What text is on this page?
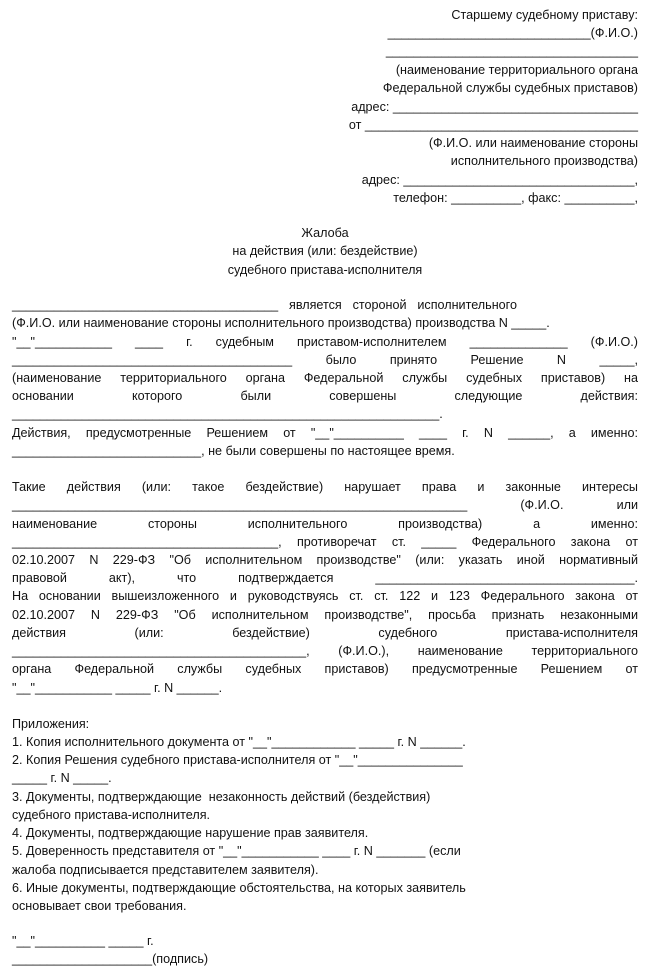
Старшему судебному приставу:
_____________________________(Ф.И.О.)
____________________________________
(наименование территориального органа
Федеральной службы судебных приставов)
адрес: ___________________________________
от _______________________________________
(Ф.И.О. или наименование стороны
исполнительного производства)
адрес: _________________________________,
телефон: __________, факс: __________,
Жалоба
на действия (или: бездействие)
судебного пристава-исполнителя
______________________________________ является стороной исполнительного
(Ф.И.О. или наименование стороны исполнительного производства) производства N _____.
"__"___________ ____ г. судебным приставом-исполнителем ______________ (Ф.И.О.)
________________________________________ было принято Решение N _____,
(наименование территориального органа Федеральной службы судебных приставов) на
основании которого были совершены следующие действия:
_____________________________________________________________.
Действия, предусмотренные Решением от "__"__________ ____ г. N ______, а именно:
___________________________, не были совершены по настоящее время.
Такие действия (или: такое бездействие) нарушает права и законные интересы
_________________________________________________________________ (Ф.И.О. или
наименование стороны исполнительного производства) а именно:
______________________________________, противоречат ст. _____ Федерального закона от
02.10.2007 N 229-ФЗ "Об исполнительном производстве" (или: указать иной нормативный
правовой акт), что подтверждается _____________________________________.
На основании вышеизложенного и руководствуясь ст. ст. 122 и 123 Федерального закона от
02.10.2007 N 229-ФЗ "Об исполнительном производстве", просьба признать незаконными
действия (или: бездействие) судебного пристава-исполнителя
__________________________________________, (Ф.И.О.), наименование территориального
органа Федеральной службы судебных приставов) предусмотренные Решением от
"__"___________ _____ г. N ______.
Приложения:
1. Копия исполнительного документа от "__"____________ _____ г. N ______.
2. Копия Решения судебного пристава-исполнителя от "__"_______________
_____ г. N _____.
3. Документы, подтверждающие  незаконность действий (бездействия)
судебного пристава-исполнителя.
4. Документы, подтверждающие нарушение прав заявителя.
5. Доверенность представителя от "__"___________ ____ г. N _______ (если
жалоба подписывается представителем заявителя).
6. Иные документы, подтверждающие обстоятельства, на которых заявитель
основывает свои требования.
"__"__________ _____ г.
____________________(подпись)
